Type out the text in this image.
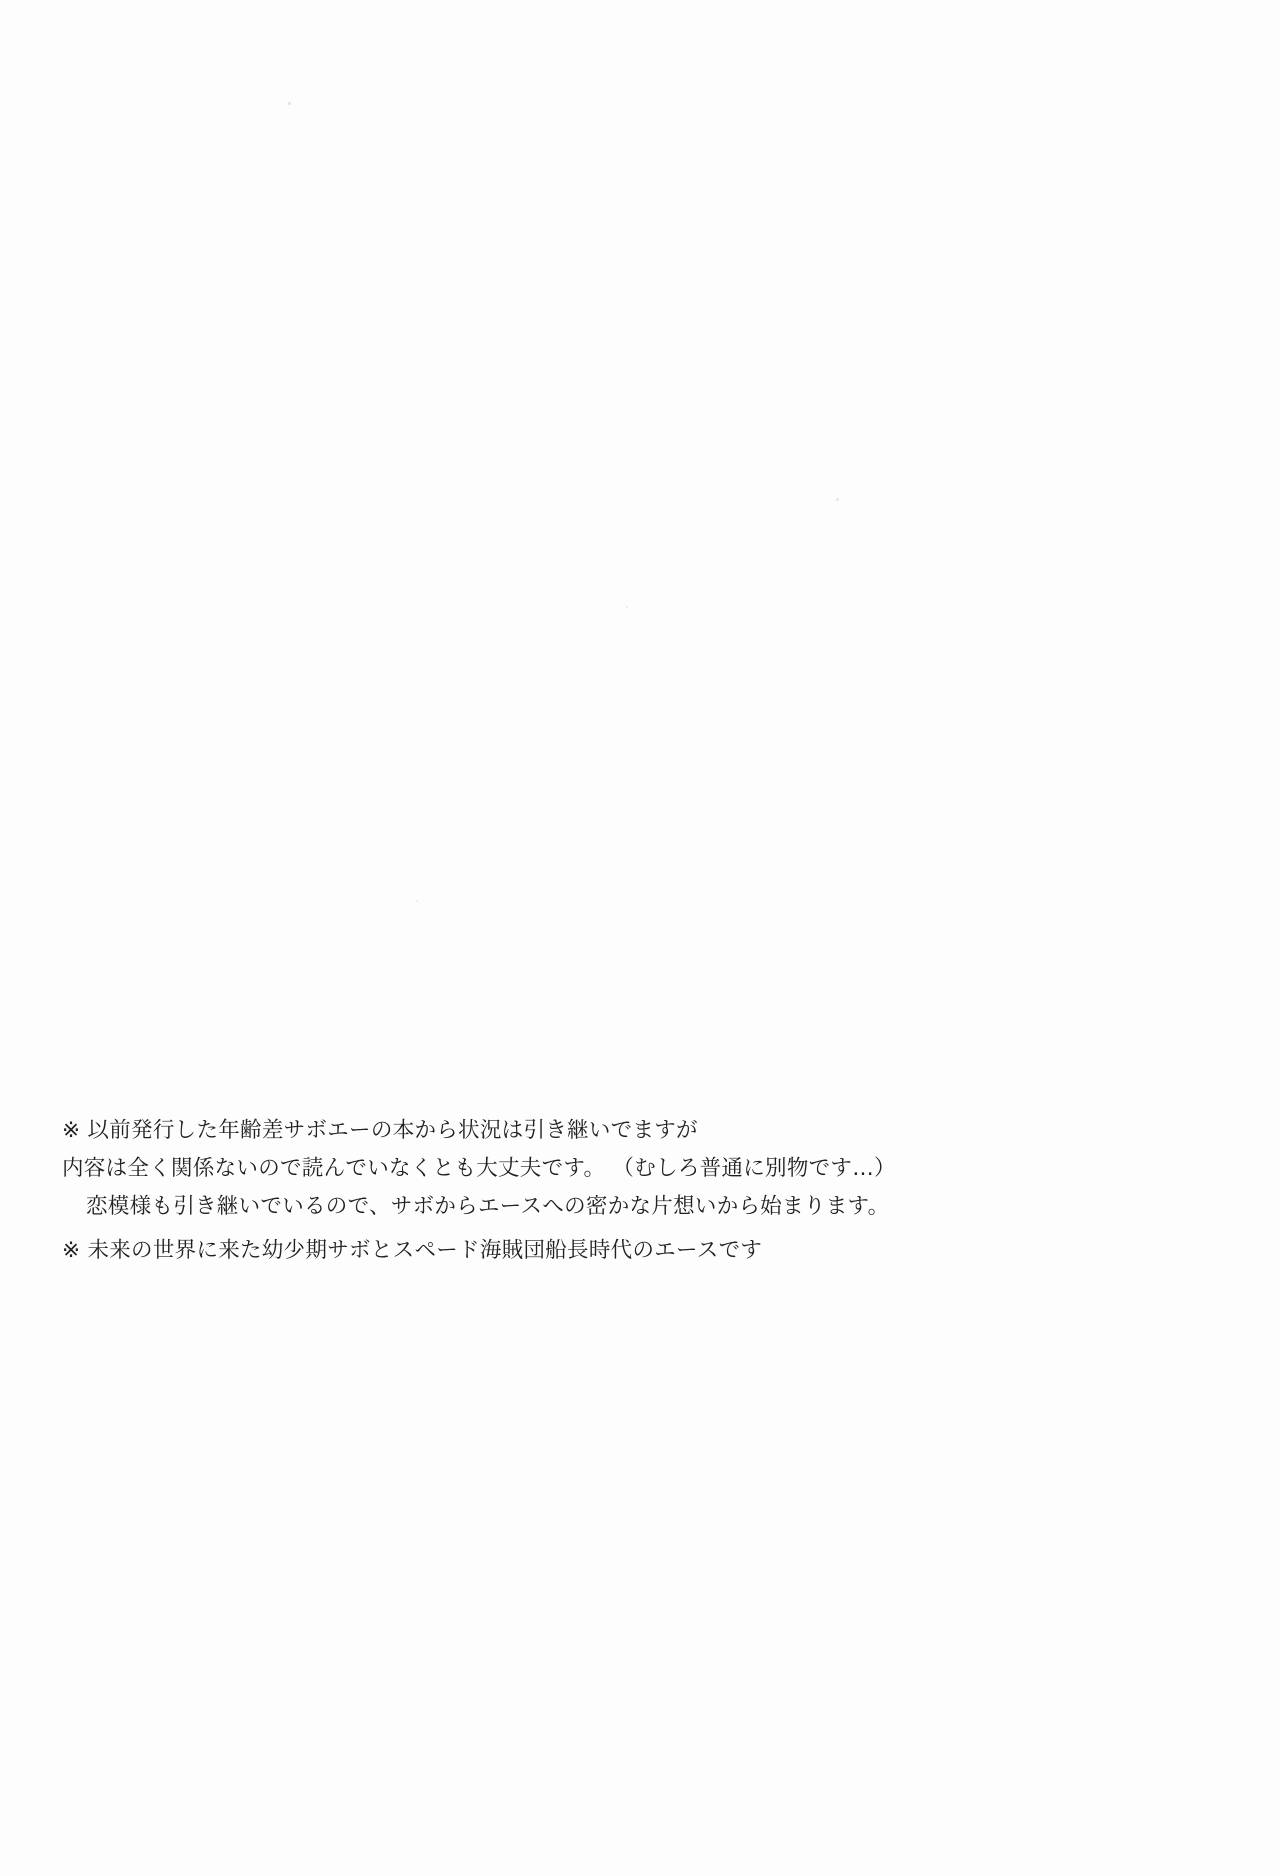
※ 以前発行した年齢差サボエーの本から状況は引き継いでますが
内容は全く関係ないので読んでいなくとも大丈夫です。 （むしろ普通に別物です…）
恋模様も引き継いでいるので、サボからエースへの密かな片想いから始まります。
※ 未来の世界に来た幼少期サボとスペード海賊団船長時代のエースです
